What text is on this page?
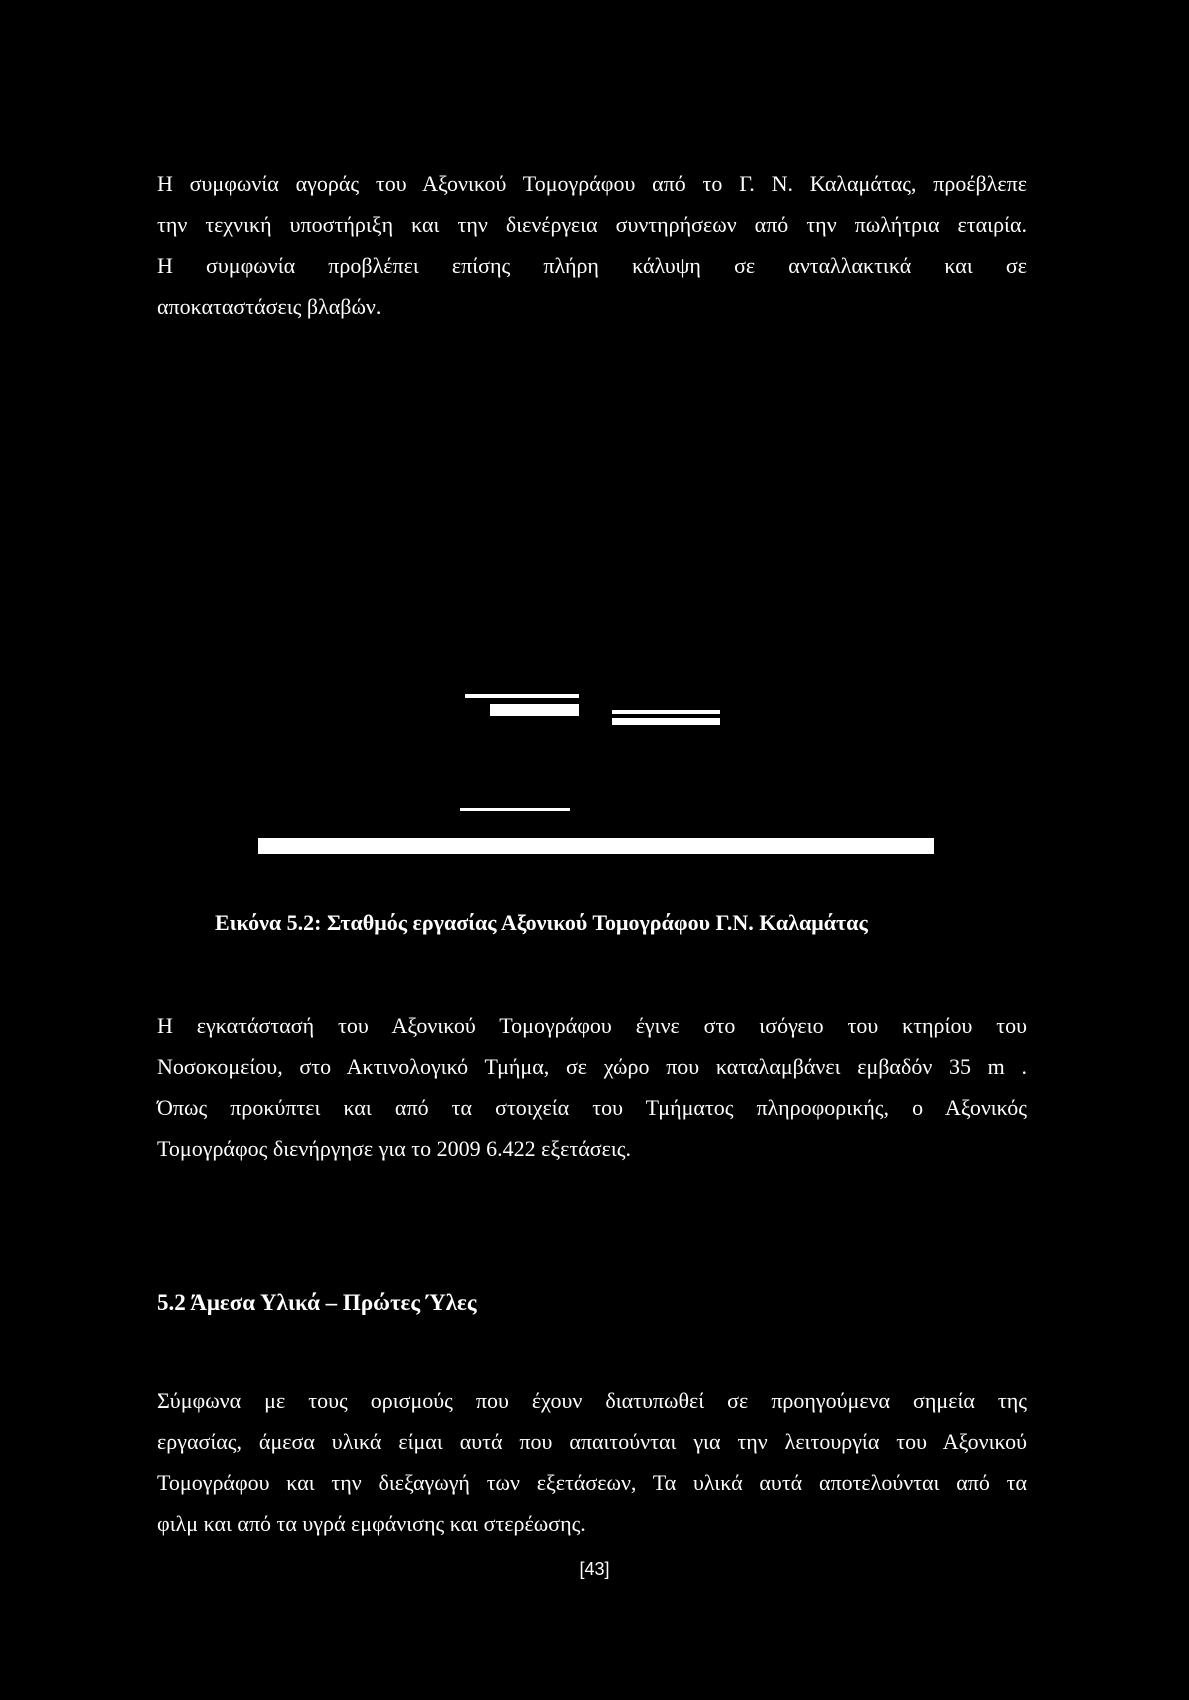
Η συμφωνία αγοράς του Αξονικού Τομογράφου από το Γ. Ν. Καλαμάτας, προέβλεπε
την τεχνική υποστήριξη και την διενέργεια συντηρήσεων από την πωλήτρια εταιρία.
Η συμφωνία προβλέπει επίσης πλήρη κάλυψη σε ανταλλακτικά και σε
αποκαταστάσεις βλαβών.
Εικόνα 5.2: Σταθμός εργασίας Αξονικού Τομογράφου Γ.Ν. Καλαμάτας
Η εγκατάστασή του Αξονικού Τομογράφου έγινε στο ισόγειο του κτηρίου του
Νοσοκομείου, στο Ακτινολογικό Τμήμα, σε χώρο που καταλαμβάνει εμβαδόν 35 m .
Όπως προκύπτει και από τα στοιχεία του Τμήματος πληροφορικής, ο Αξονικός
Τομογράφος διενήργησε για το 2009 6.422 εξετάσεις.
5.2 Άμεσα Υλικά – Πρώτες Ύλες
Σύμφωνα με τους ορισμούς που έχουν διατυπωθεί σε προηγούμενα σημεία της
εργασίας, άμεσα υλικά είμαι αυτά που απαιτούνται για την λειτουργία του Αξονικού
Τομογράφου και την διεξαγωγή των εξετάσεων, Τα υλικά αυτά αποτελούνται από τα
φιλμ και από τα υγρά εμφάνισης και στερέωσης.
[43]
